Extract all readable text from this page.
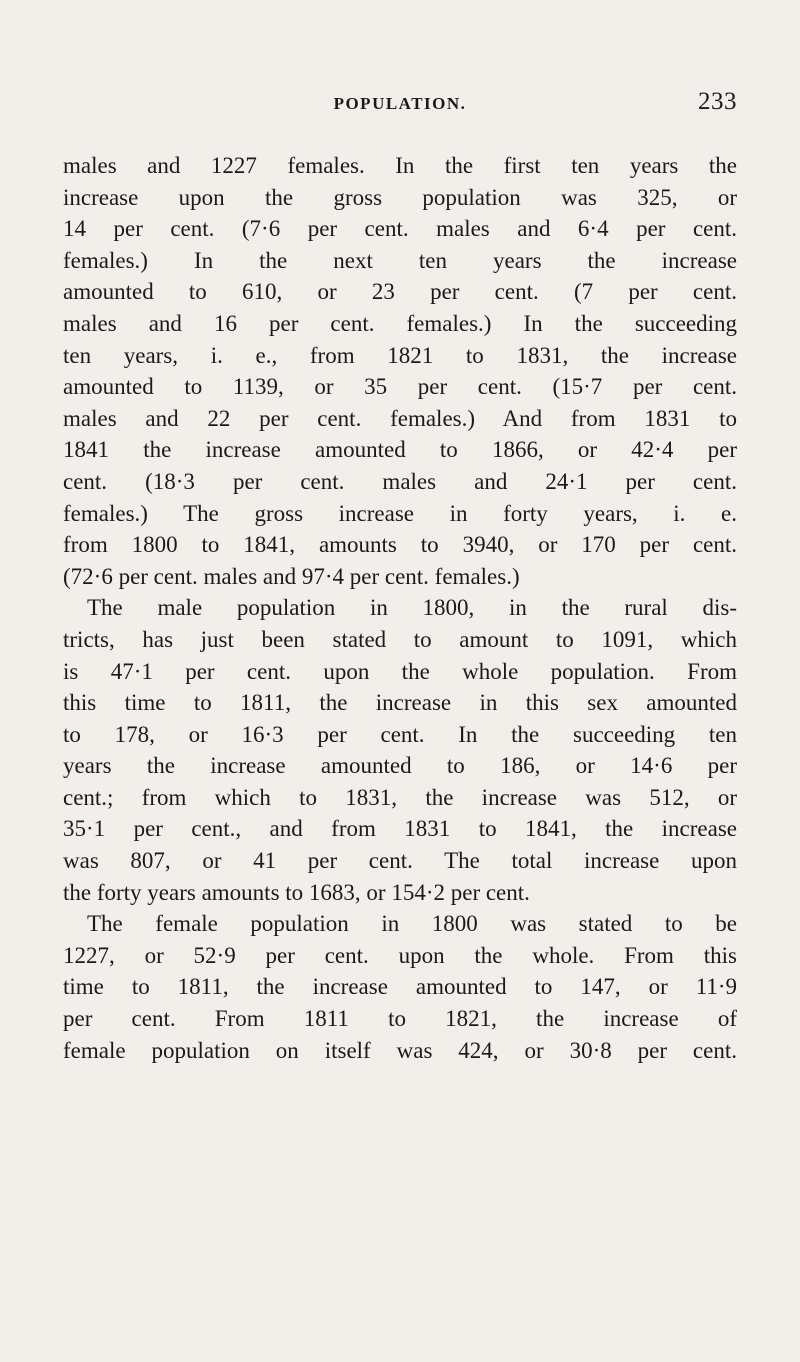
POPULATION.	233
males and 1227 females. In the first ten years the
increase upon the gross population was 325, or
14 per cent. (7·6 per cent. males and 6·4 per cent.
females.) In the next ten years the increase
amounted to 610, or 23 per cent. (7 per cent.
males and 16 per cent. females.) In the succeeding
ten years, i. e., from 1821 to 1831, the increase
amounted to 1139, or 35 per cent. (15·7 per cent.
males and 22 per cent. females.) And from 1831 to
1841 the increase amounted to 1866, or 42·4 per
cent. (18·3 per cent. males and 24·1 per cent.
females.) The gross increase in forty years, i. e.
from 1800 to 1841, amounts to 3940, or 170 per cent.
(72·6 per cent. males and 97·4 per cent. females.)
The male population in 1800, in the rural dis-
tricts, has just been stated to amount to 1091, which
is 47·1 per cent. upon the whole population. From
this time to 1811, the increase in this sex amounted
to 178, or 16·3 per cent. In the succeeding ten
years the increase amounted to 186, or 14·6 per
cent.; from which to 1831, the increase was 512, or
35·1 per cent., and from 1831 to 1841, the increase
was 807, or 41 per cent. The total increase upon
the forty years amounts to 1683, or 154·2 per cent.
The female population in 1800 was stated to be
1227, or 52·9 per cent. upon the whole. From this
time to 1811, the increase amounted to 147, or 11·9
per cent. From 1811 to 1821, the increase of
female population on itself was 424, or 30·8 per cent.
